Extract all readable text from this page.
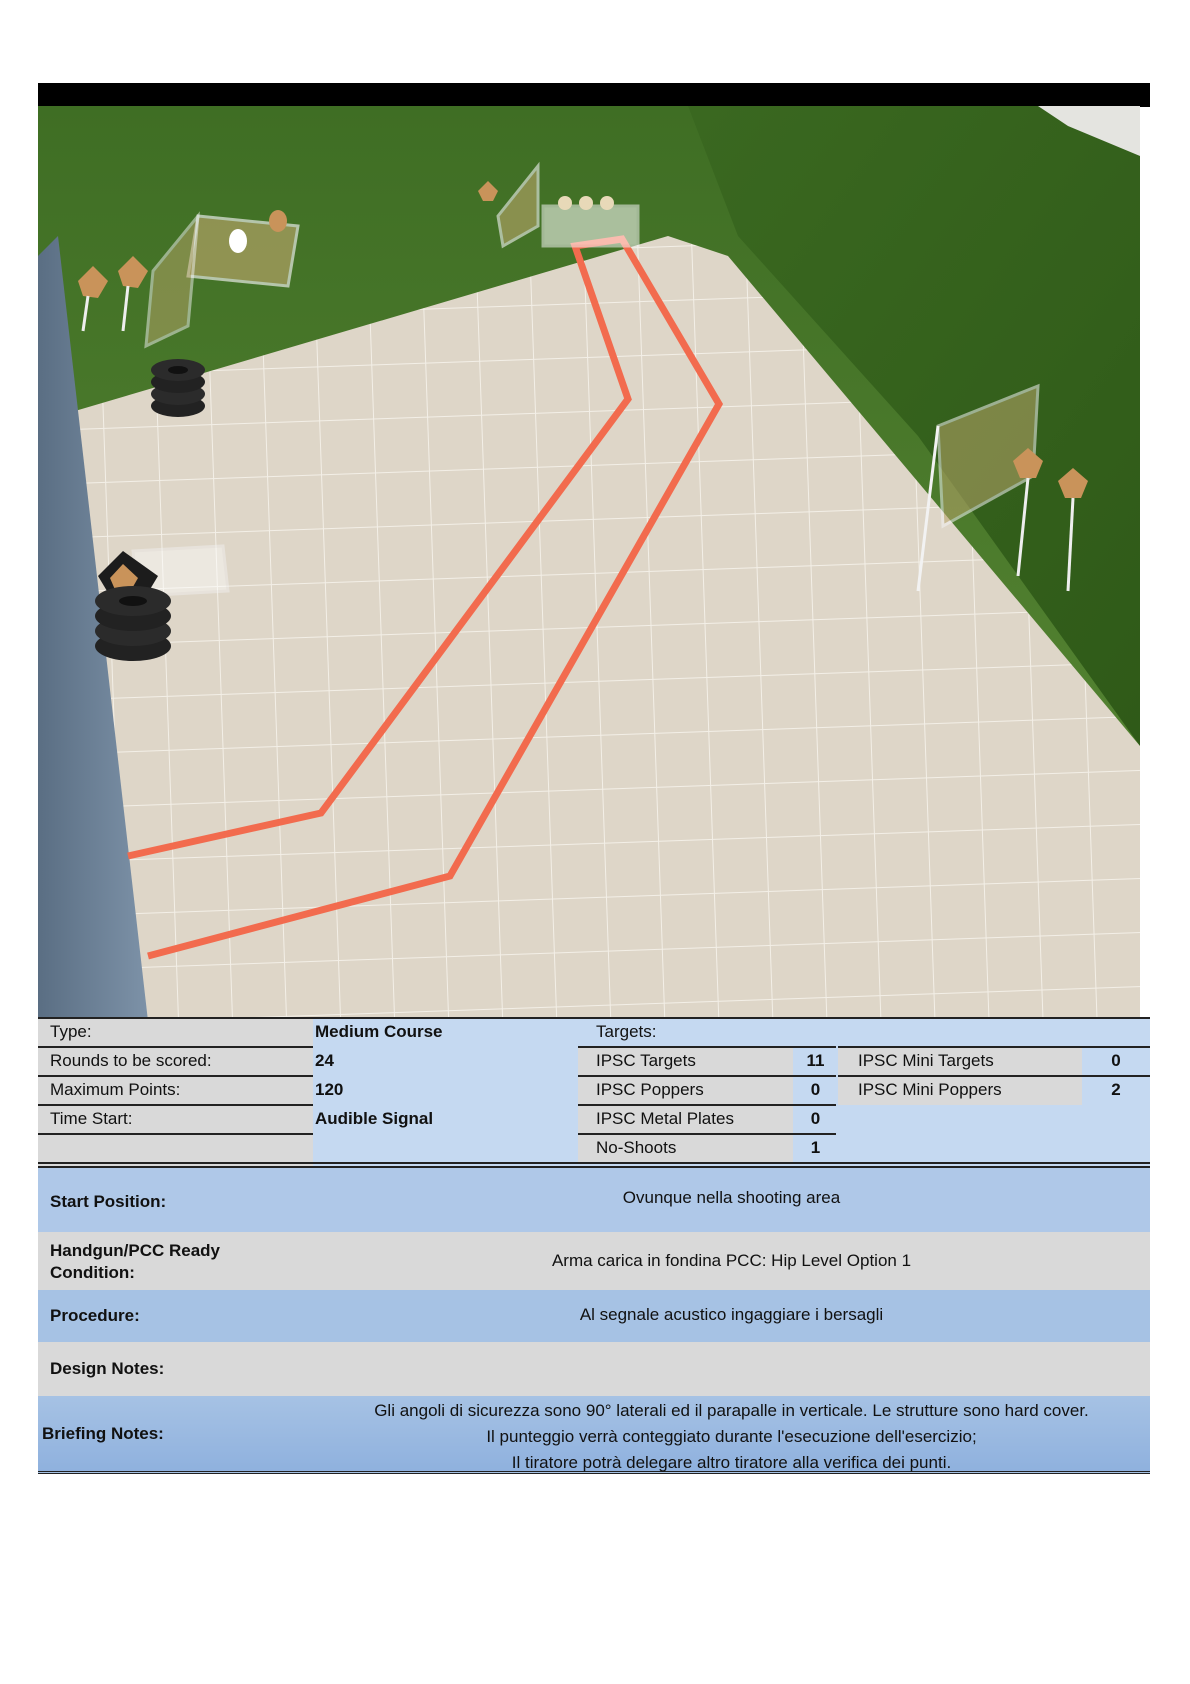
Type:
Rounds to be scored:
Maximum Points:
Time Start:
Medium Course
24
120
Audible Signal
Targets:
IPSC Targets
IPSC Poppers
IPSC Metal Plates
No-Shoots
11
0
0
1
IPSC Mini Targets
IPSC Mini Poppers
0
2
Start Position:	Ovunque nella shooting area
Handgun/PCC Ready
Condition:
Arma carica in fondina PCC: Hip Level Option 1
Procedure:	Al segnale acustico ingaggiare i bersagli
Design Notes:
Briefing Notes:
Gli angoli di sicurezza sono 90° laterali ed il parapalle in verticale. Le strutture sono hard cover.
Il punteggio verrà conteggiato durante l'esecuzione dell'esercizio;
Il tiratore potrà delegare altro tiratore alla verifica dei punti.
